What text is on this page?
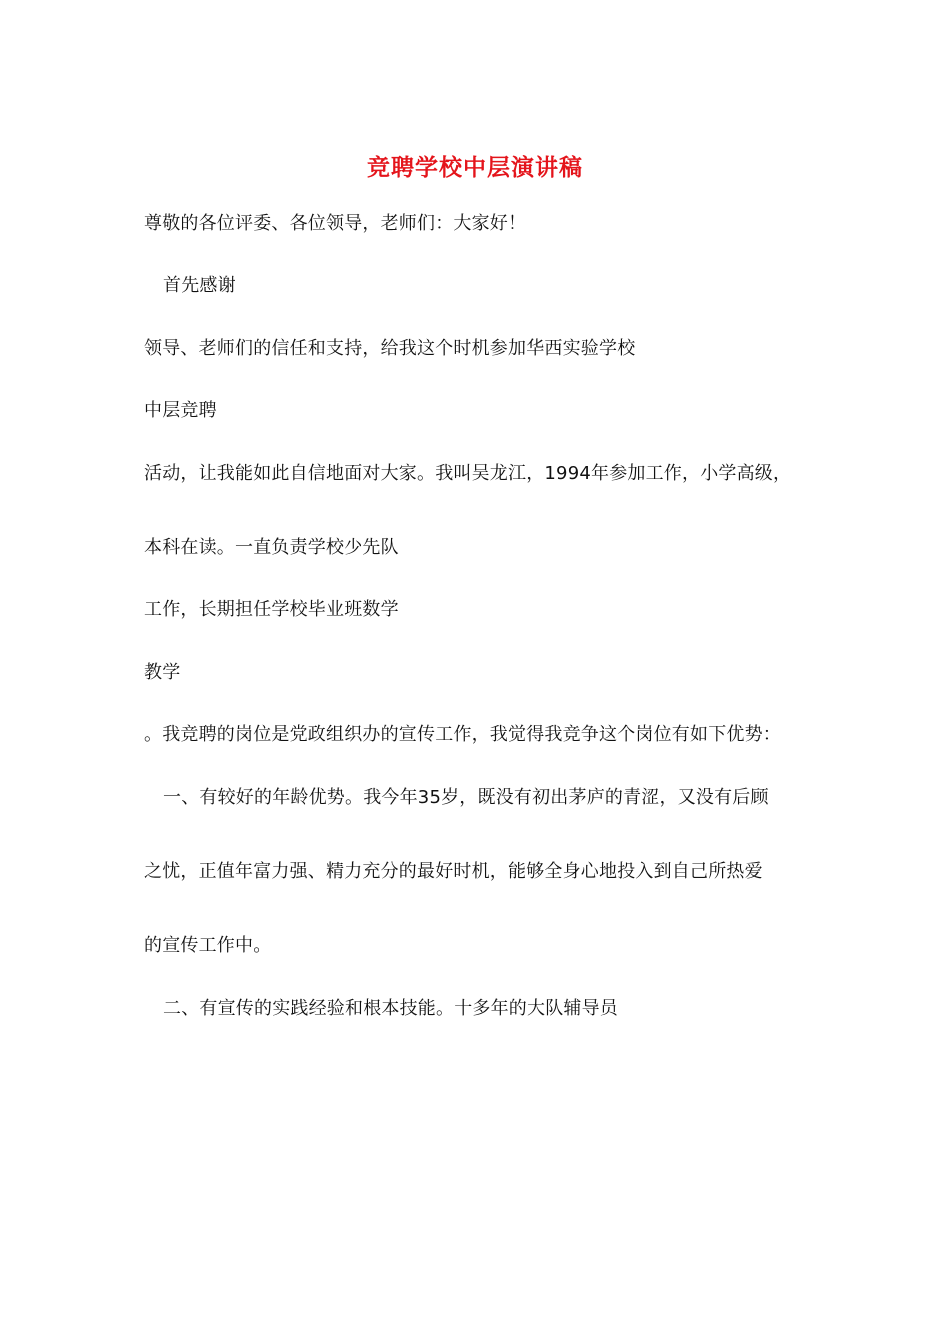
竞聘学校中层演讲稿
尊敬的各位评委、各位领导，老师们：大家好！
首先感谢
领导、老师们的信任和支持，给我这个时机参加华西实验学校
中层竞聘
活动，让我能如此自信地面对大家。我叫吴龙江，1994年参加工作，小学高级，
本科在读。一直负责学校少先队
工作，长期担任学校毕业班数学
教学
。我竞聘的岗位是党政组织办的宣传工作，我觉得我竞争这个岗位有如下优势：
一、有较好的年龄优势。我今年35岁，既没有初出茅庐的青涩，又没有后顾
之忧，正值年富力强、精力充分的最好时机，能够全身心地投入到自己所热爱
的宣传工作中。
二、有宣传的实践经验和根本技能。十多年的大队辅导员
